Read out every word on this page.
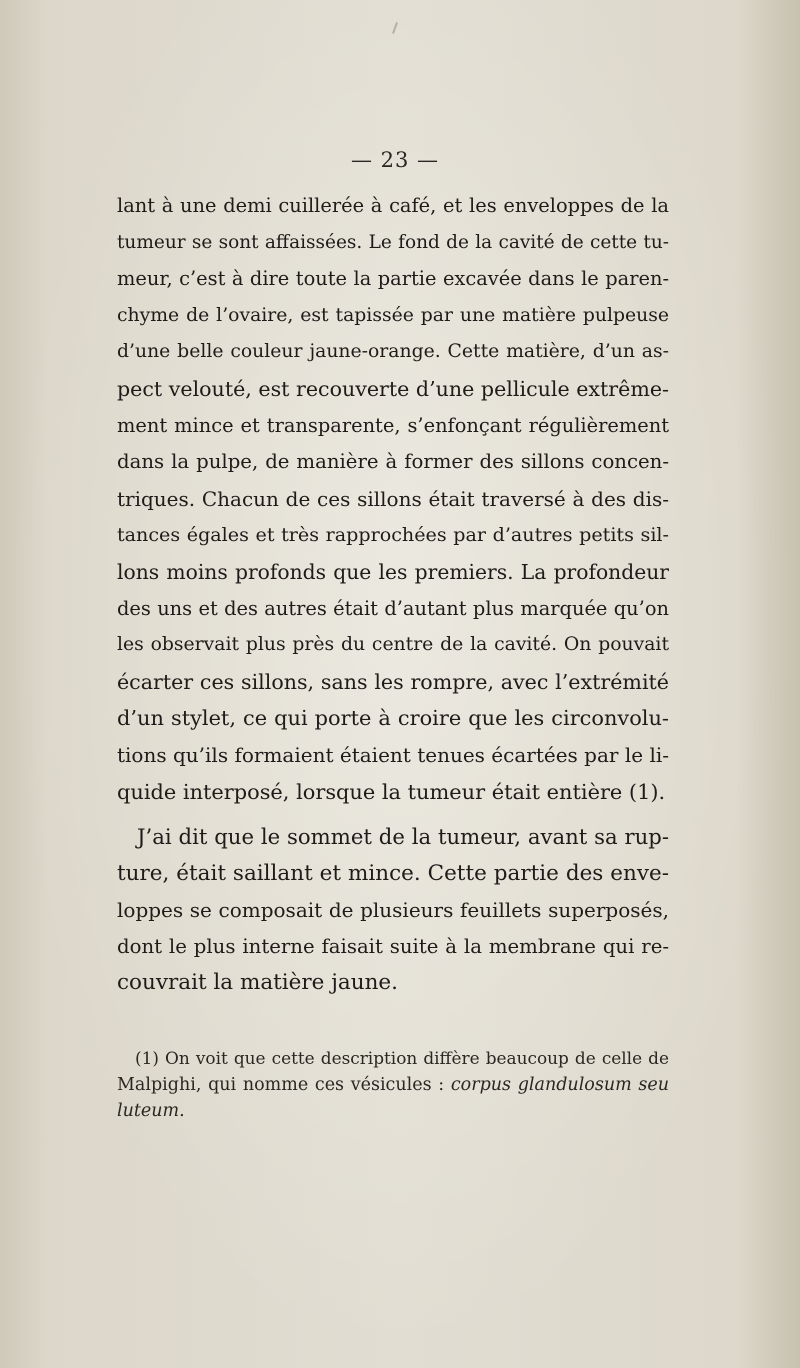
— 23 —
lant à une demi cuillerée à café, et les enveloppes de la
tumeur se sont affaissées. Le fond de la cavité de cette tu-
meur, c’est à dire toute la partie excavée dans le paren-
chyme de l’ovaire, est tapissée par une matière pulpeuse
d’une belle couleur jaune-orange. Cette matière, d’un as-
pect velouté, est recouverte d’une pellicule extrême-
ment mince et transparente, s’enfonçant régulièrement
dans la pulpe, de manière à former des sillons concen-
triques. Chacun de ces sillons était traversé à des dis-
tances égales et très rapprochées par d’autres petits sil-
lons moins profonds que les premiers. La profondeur
des uns et des autres était d’autant plus marquée qu’on
les observait plus près du centre de la cavité. On pouvait
écarter ces sillons, sans les rompre, avec l’extrémité
d’un stylet, ce qui porte à croire que les circonvolu-
tions qu’ils formaient étaient tenues écartées par le li-
quide interposé, lorsque la tumeur était entière (1).
J’ai dit que le sommet de la tumeur, avant sa rup-
ture, était saillant et mince. Cette partie des enve-
loppes se composait de plusieurs feuillets superposés,
dont le plus interne faisait suite à la membrane qui re-
couvrait la matière jaune.
(1) On voit que cette description diffère beaucoup de celle de
Malpighi, qui nomme ces vésicules : corpus glandulosum seu
luteum.
